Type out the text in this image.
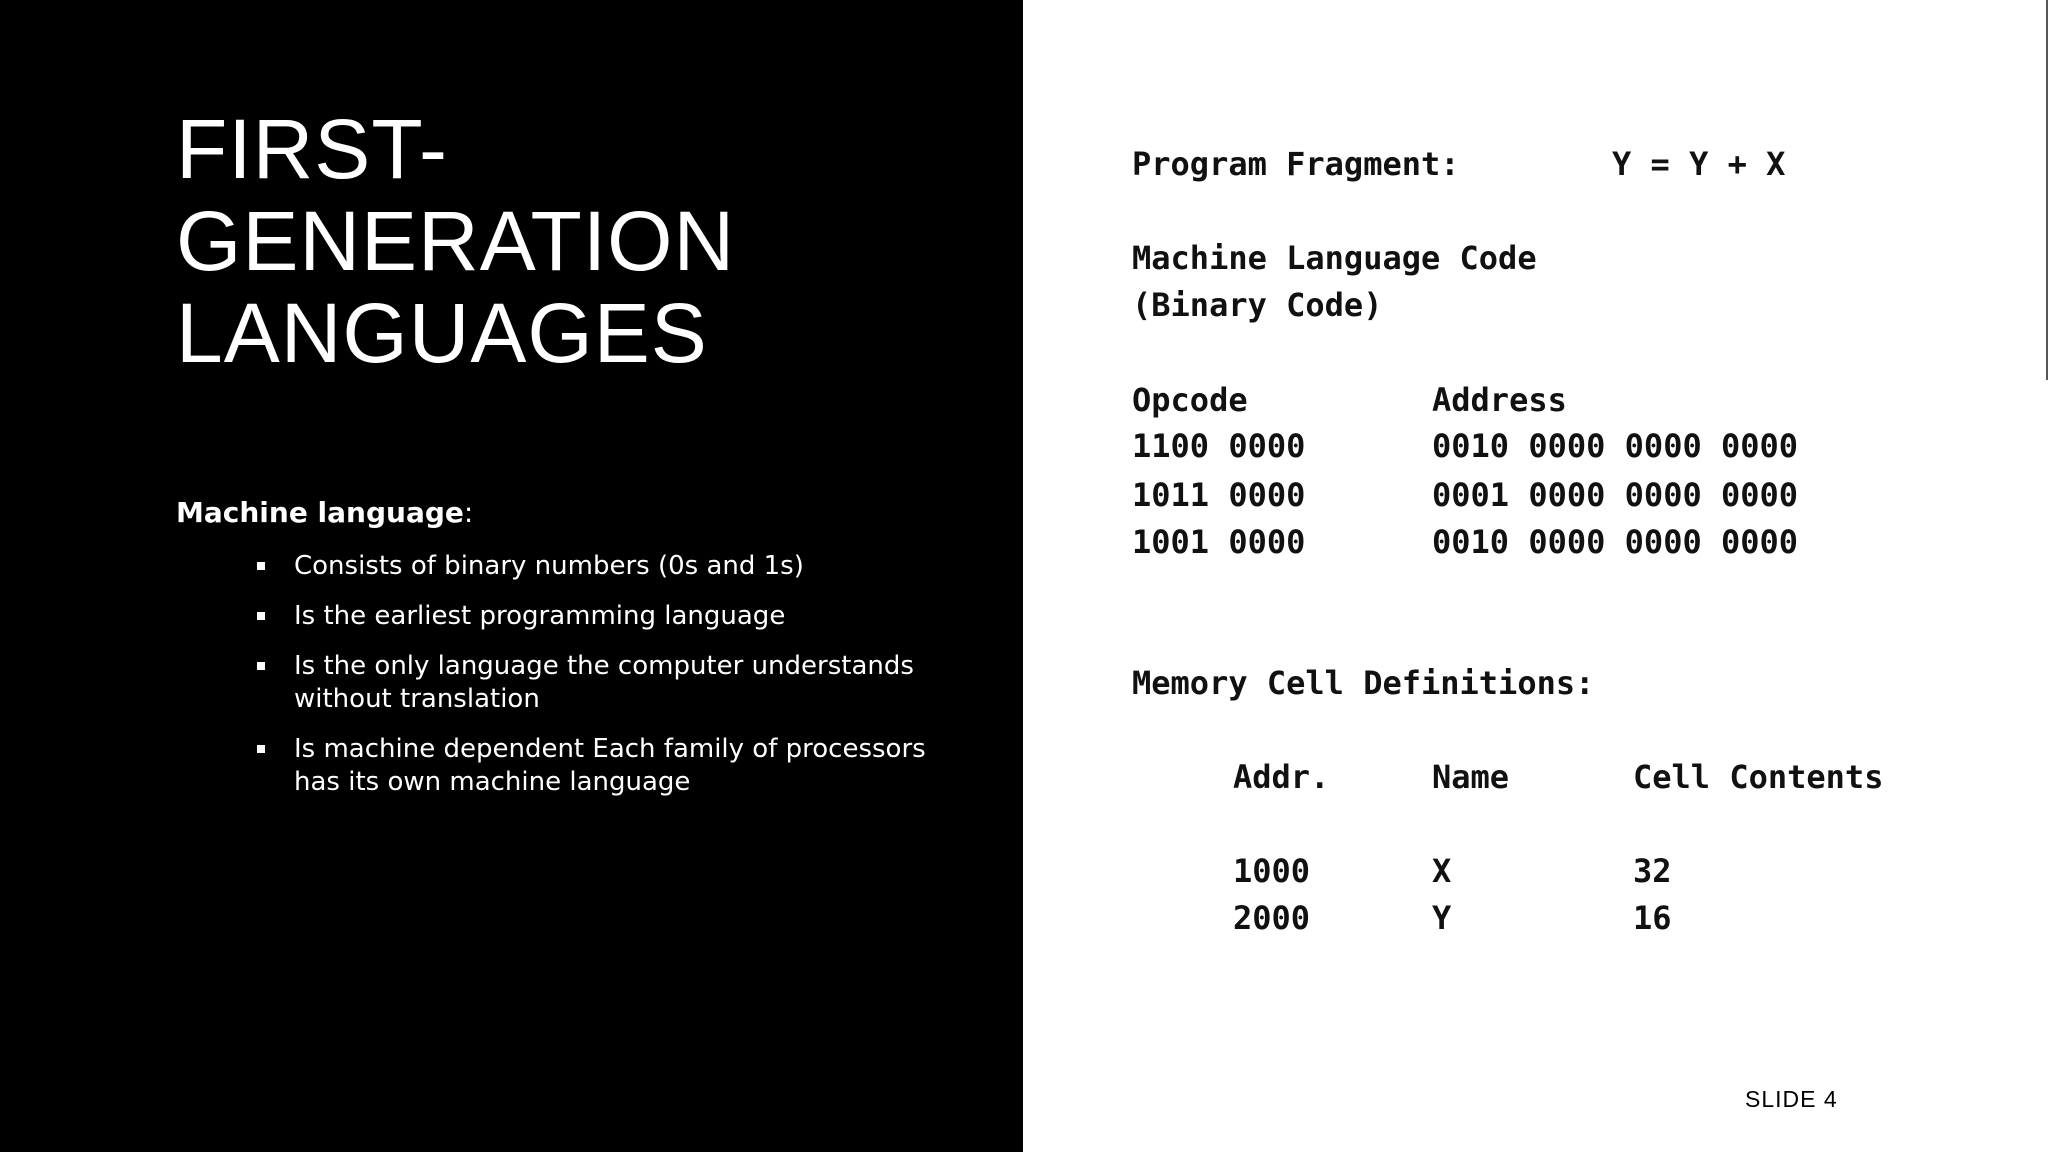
FIRST-
GENERATION
LANGUAGES
Machine language:
Consists of binary numbers (0s and 1s)
Is the earliest programming language
Is the only language the computer understands without translation
Is machine dependent Each family of processors has its own machine language
Program Fragment:	Y = Y + X
Machine Language Code
(Binary Code)
Opcode	Address
1100 0000	0010 0000 0000 0000
1011 0000	0001 0000 0000 0000
1001 0000	0010 0000 0000 0000
Memory Cell Definitions:
Addr.	Name	Cell Contents
1000	X	32
2000	Y	16
SLIDE 4
